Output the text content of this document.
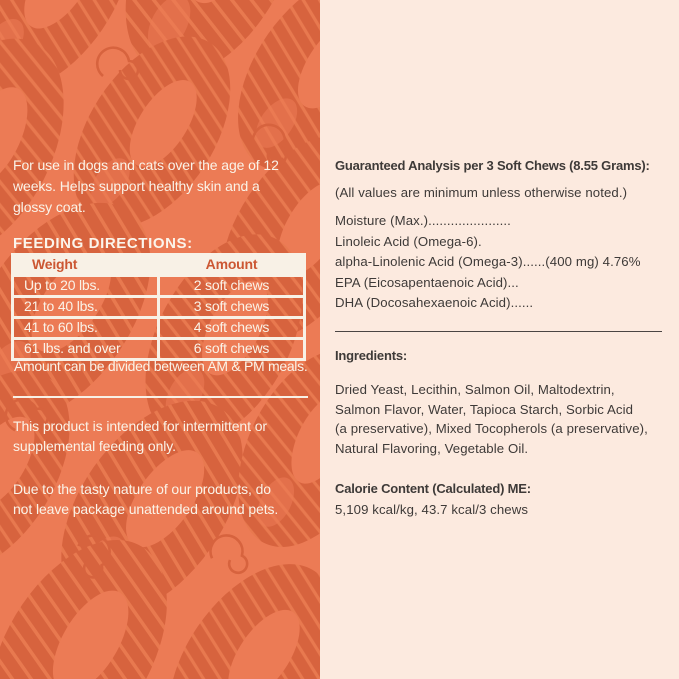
For use in dogs and cats over the age of 12
weeks. Helps support healthy skin and a
glossy coat.

FEEDING DIRECTIONS:
Weight	Amount
Up to 20 lbs.	2 soft chews
21 to 40 lbs.	3 soft chews
41 to 60 lbs.	4 soft chews
61 lbs. and over	6 soft chews

Amount can be divided between AM & PM meals.

This product is intended for intermittent or
supplemental feeding only.

Due to the tasty nature of our products, do
not leave package unattended around pets.

Guaranteed Analysis per 3 Soft Chews (8.55 Grams):

(All values are minimum unless otherwise noted.)

Moisture (Max.)......................
Linoleic Acid (Omega-6).
alpha-Linolenic Acid (Omega-3)......(400 mg) 4.76%
EPA (Eicosapentaenoic Acid)...
DHA (Docosahexaenoic Acid)......
Ingredients:
Dried Yeast, Lecithin, Salmon Oil, Maltodextrin,
Salmon Flavor, Water, Tapioca Starch, Sorbic Acid
(a preservative), Mixed Tocopherols (a preservative),
Natural Flavoring, Vegetable Oil.
Calorie Content (Calculated) ME:

5,109 kcal/kg, 43.7 kcal/3 chews
